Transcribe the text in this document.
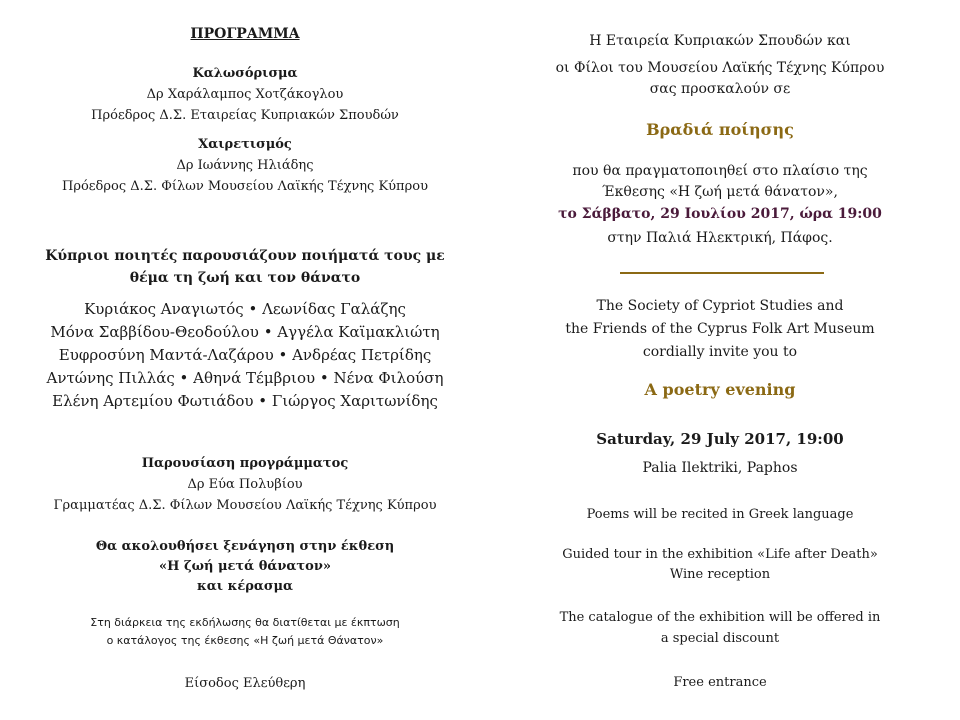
ΠΡΟΓΡΑΜΜΑ
Καλωσόρισμα
Δρ Χαράλαμπος Χοτζάκογλου
Πρόεδρος Δ.Σ. Εταιρείας Κυπριακών Σπουδών
Χαιρετισμός
Δρ Ιωάννης Ηλιάδης
Πρόεδρος Δ.Σ. Φίλων Μουσείου Λαϊκής Τέχνης Κύπρου
Κύπριοι ποιητές παρουσιάζουν ποιήματά τους με
θέμα τη ζωή και τον θάνατο
Κυριάκος Αναγιωτός • Λεωνίδας Γαλάζης
Μόνα Σαββίδου-Θεοδούλου • Αγγέλα Καϊμακλιώτη
Ευφροσύνη Μαντά-Λαζάρου • Ανδρέας Πετρίδης
Αντώνης Πιλλάς • Αθηνά Τέμβριου • Νένα Φιλούση
Ελένη Αρτεμίου Φωτιάδου • Γιώργος Χαριτωνίδης
Παρουσίαση προγράμματος
Δρ Εύα Πολυβίου
Γραμματέας Δ.Σ. Φίλων Μουσείου Λαϊκής Τέχνης Κύπρου
Θα ακολουθήσει ξενάγηση στην έκθεση
«Η ζωή μετά θάνατον»
και κέρασμα
Στη διάρκεια της εκδήλωσης θα διατίθεται με έκπτωση
ο κατάλογος της έκθεσης «Η ζωή μετά Θάνατον»
Είσοδος Ελεύθερη
Η Εταιρεία Κυπριακών Σπουδών και
οι Φίλοι του Μουσείου Λαϊκής Τέχνης Κύπρου
σας προσκαλούν σε
Βραδιά ποίησης
που θα πραγματοποιηθεί στο πλαίσιο της
Έκθεσης «Η ζωή μετά θάνατον»,
το Σάββατο, 29 Ιουλίου 2017, ώρα 19:00
στην Παλιά Ηλεκτρική, Πάφος.
The Society of Cypriot Studies and
the Friends of the Cyprus Folk Art Museum
cordially invite you to
A poetry evening
Saturday, 29 July 2017, 19:00
Palia Ilektriki, Paphos
Poems will be recited in Greek language
Guided tour in the exhibition «Life after Death»
Wine reception
The catalogue of the exhibition will be offered in
a special discount
Free entrance
